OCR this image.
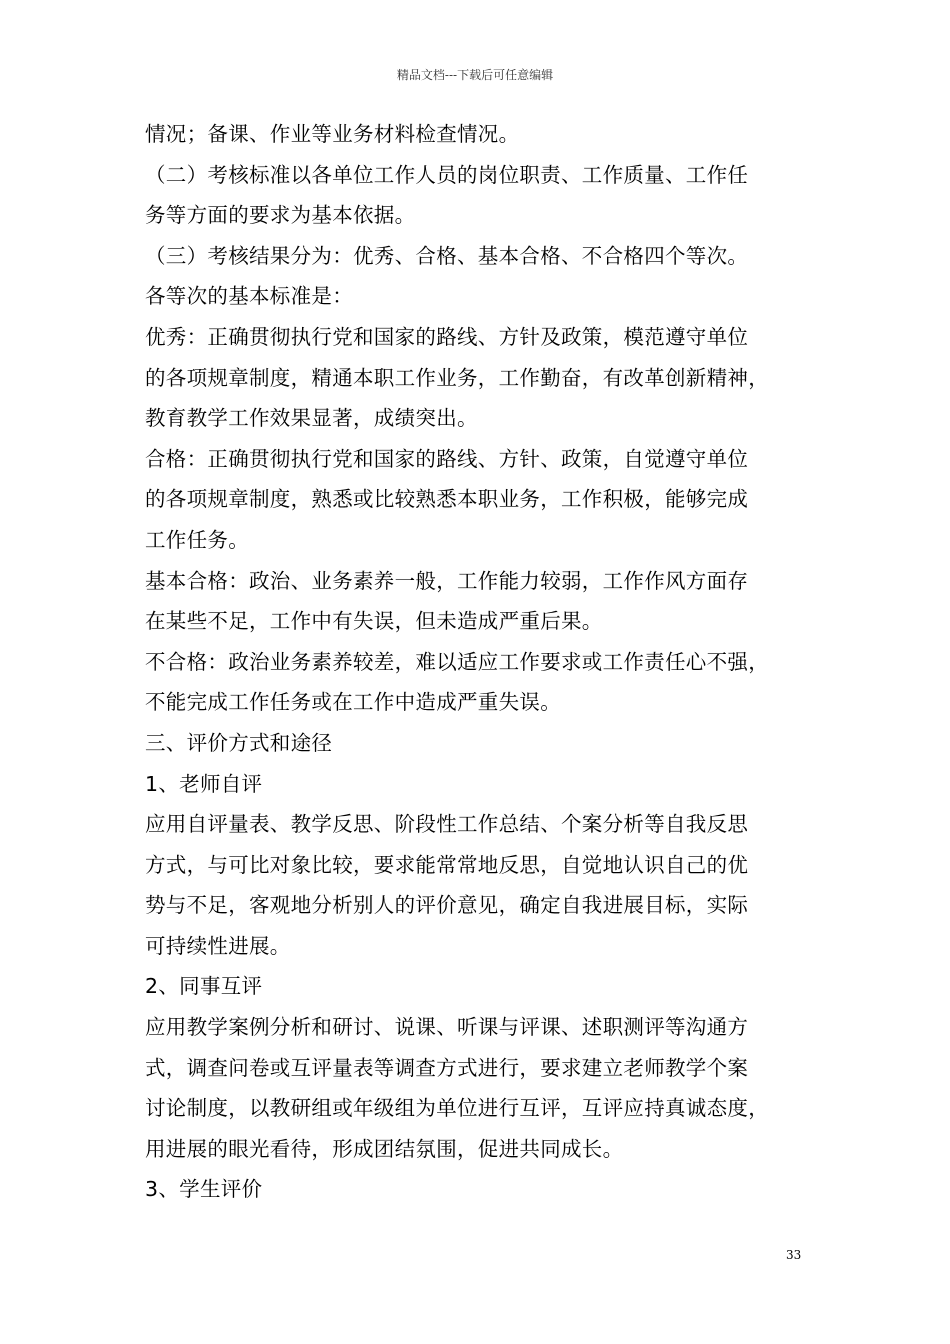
精品文档---下载后可任意编辑
情况；备课、作业等业务材料检查情况。
（二）考核标准以各单位工作人员的岗位职责、工作质量、工作任
务等方面的要求为基本依据。
（三）考核结果分为：优秀、合格、基本合格、不合格四个等次。
各等次的基本标准是：
优秀：正确贯彻执行党和国家的路线、方针及政策，模范遵守单位
的各项规章制度，精通本职工作业务，工作勤奋，有改革创新精神，
教育教学工作效果显著，成绩突出。
合格：正确贯彻执行党和国家的路线、方针、政策，自觉遵守单位
的各项规章制度，熟悉或比较熟悉本职业务，工作积极，能够完成
工作任务。
基本合格：政治、业务素养一般，工作能力较弱，工作作风方面存
在某些不足，工作中有失误，但未造成严重后果。
不合格：政治业务素养较差，难以适应工作要求或工作责任心不强，
不能完成工作任务或在工作中造成严重失误。
三、评价方式和途径
1、老师自评
应用自评量表、教学反思、阶段性工作总结、个案分析等自我反思
方式，与可比对象比较，要求能常常地反思，自觉地认识自己的优
势与不足，客观地分析别人的评价意见，确定自我进展目标，实际
可持续性进展。
2、同事互评
应用教学案例分析和研讨、说课、听课与评课、述职测评等沟通方
式，调查问卷或互评量表等调查方式进行，要求建立老师教学个案
讨论制度，以教研组或年级组为单位进行互评，互评应持真诚态度，
用进展的眼光看待，形成团结氛围，促进共同成长。
3、学生评价
33
